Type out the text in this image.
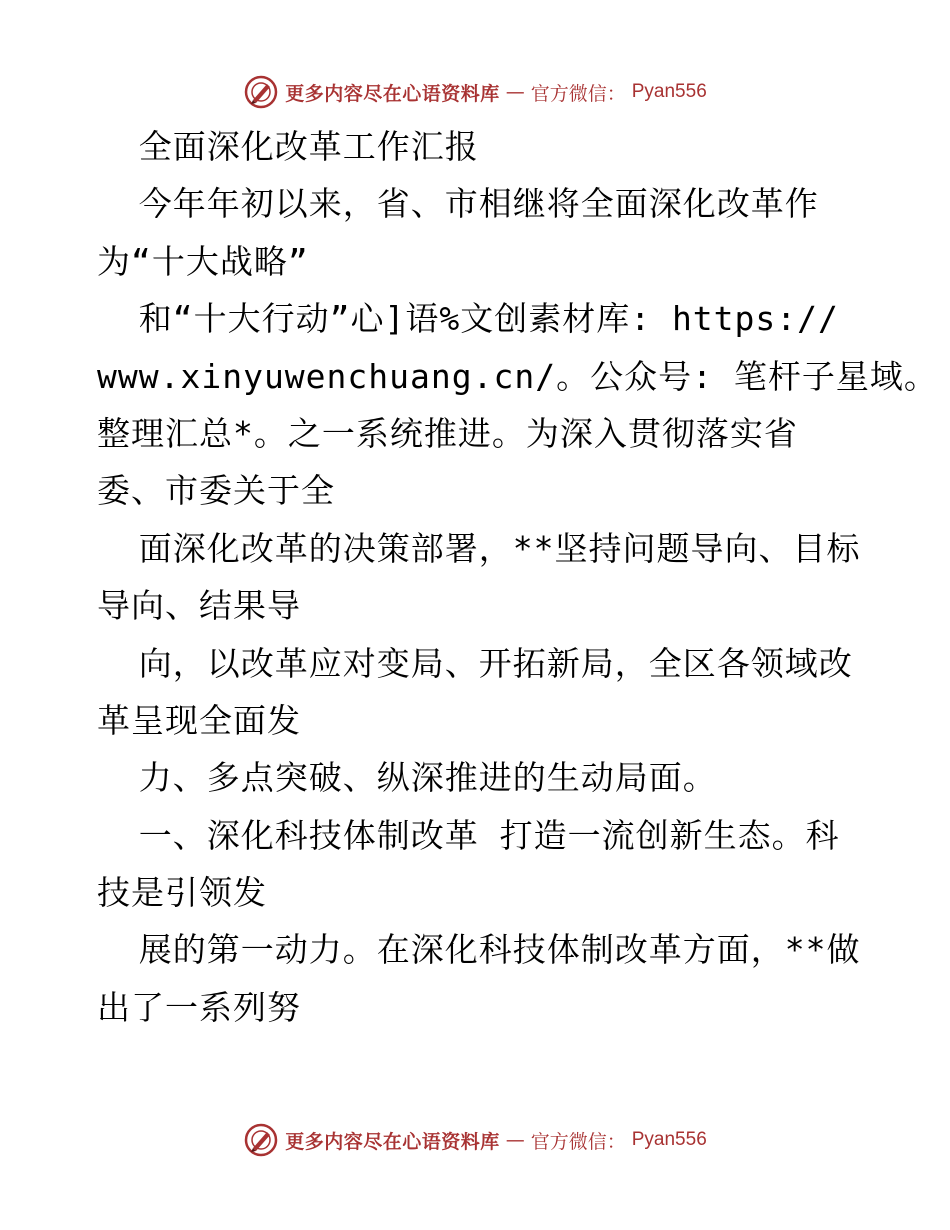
更多内容尽在心语资料库 — 官方微信： Pyan556
全面深化改革工作汇报
今年年初以来，省、市相继将全面深化改革作
为“十大战略”
和“十大行动”心]语%文创素材库: https://
www.xinyuwenchuang.cn/。公众号: 笔杆子星域。
整理汇总*。之一系统推进。为深入贯彻落实省
委、市委关于全
面深化改革的决策部署，**坚持问题导向、目标
导向、结果导
向，以改革应对变局、开拓新局，全区各领域改
革呈现全面发
力、多点突破、纵深推进的生动局面。
一、深化科技体制改革 打造一流创新生态。科
技是引领发
展的第一动力。在深化科技体制改革方面，**做
出了一系列努
更多内容尽在心语资料库 — 官方微信： Pyan556
